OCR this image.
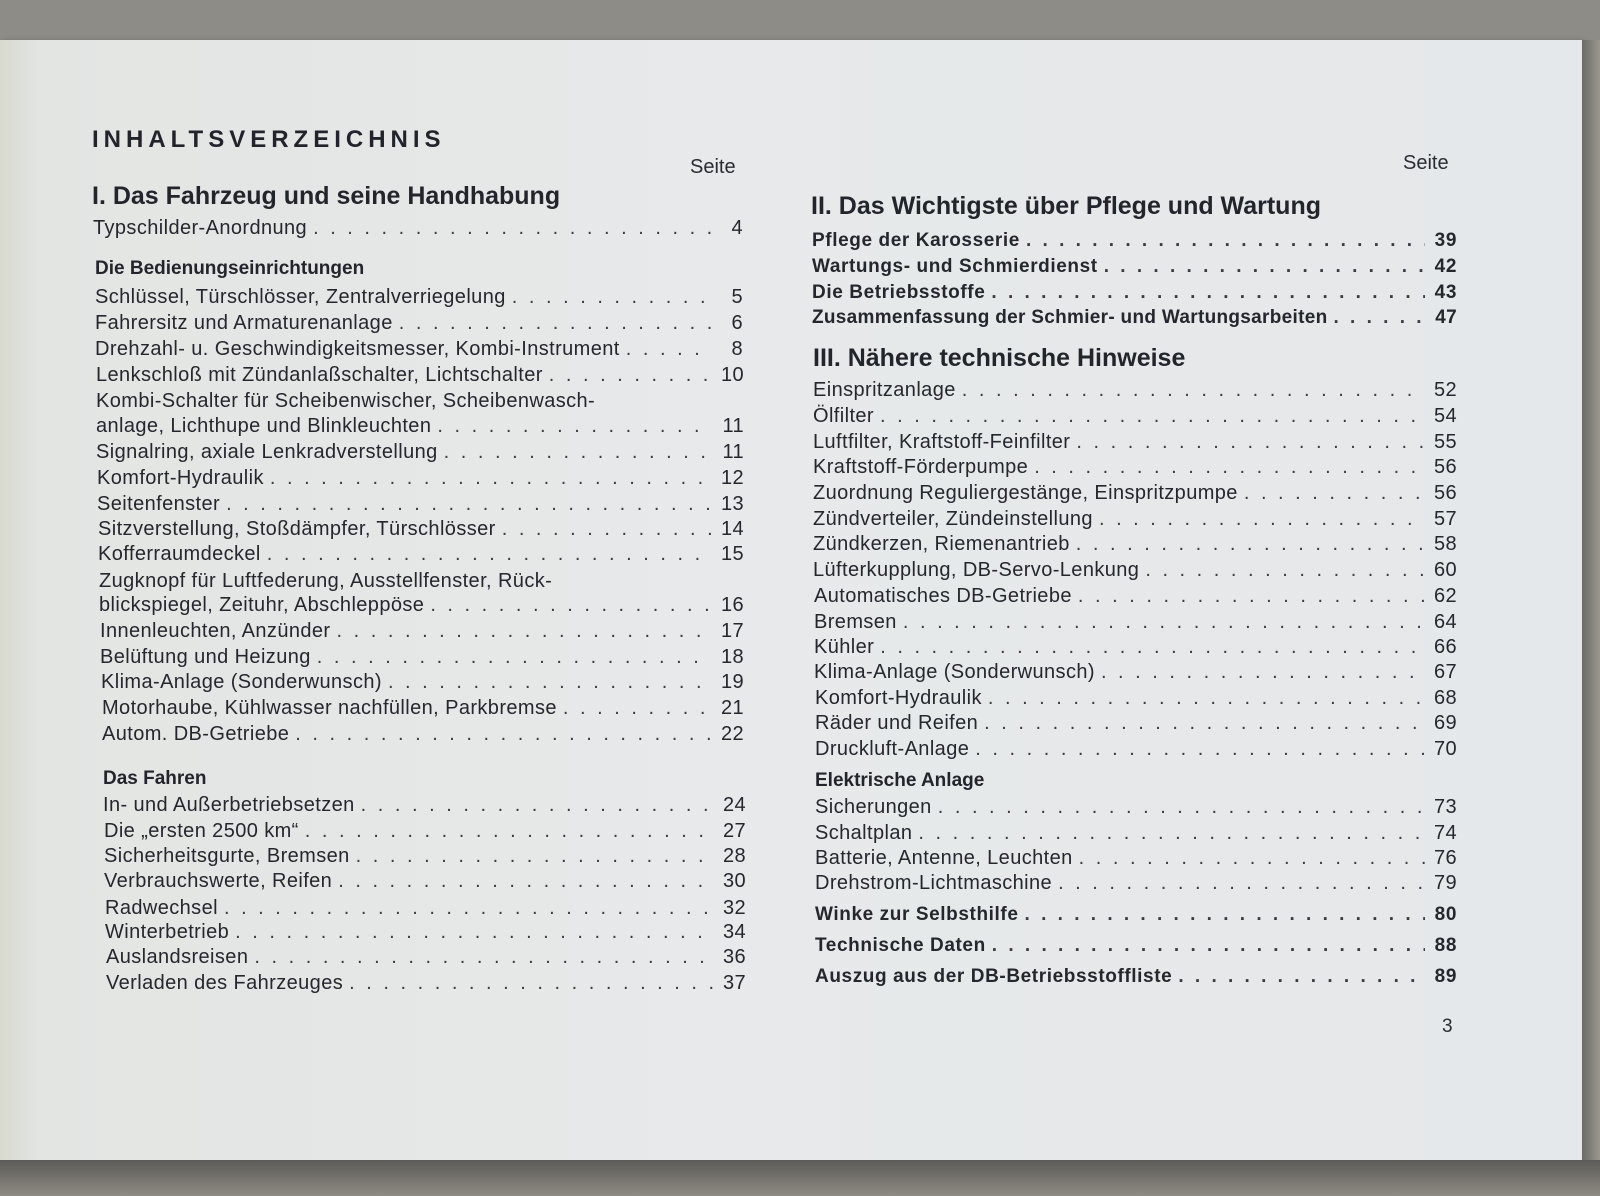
INHALTSVERZEICHNIS
Seite	Seite
I. Das Fahrzeug und seine Handhabung
Typschilder-Anordnung . . .	4
Die Bedienungseinrichtungen
Schlüssel, Türschlösser, Zentralverriegelung . . .	5
Fahrersitz und Armaturenanlage . . .	6
Drehzahl- u. Geschwindigkeitsmesser, Kombi-Instrument . . .	8
Lenkschloß mit Zündanlaßschalter, Lichtschalter . . .	10
Kombi-Schalter für Scheibenwischer, Scheibenwasch-
anlage, Lichthupe und Blinkleuchten . . .	11
Signalring, axiale Lenkradverstellung . . .	11
Komfort-Hydraulik . . .	12
Seitenfenster . . .	13
Sitzverstellung, Stoßdämpfer, Türschlösser . . .	14
Kofferraumdeckel . . .	15
Zugknopf für Luftfederung, Ausstellfenster, Rück-
blickspiegel, Zeituhr, Abschleppöse . . .	16
Innenleuchten, Anzünder . . .	17
Belüftung und Heizung . . .	18
Klima-Anlage (Sonderwunsch) . . .	19
Motorhaube, Kühlwasser nachfüllen, Parkbremse . . .	21
Autom. DB-Getriebe . . .	22
Das Fahren
In- und Außerbetriebsetzen . . .	24
Die „ersten 2500 km“ . . .	27
Sicherheitsgurte, Bremsen . . .	28
Verbrauchswerte, Reifen . . .	30
Radwechsel . . .	32
Winterbetrieb . . .	34
Auslandsreisen . . .	36
Verladen des Fahrzeuges . . .	37
II. Das Wichtigste über Pflege und Wartung
Pflege der Karosserie . . .	39
Wartungs- und Schmierdienst . . .	42
Die Betriebsstoffe . . .	43
Zusammenfassung der Schmier- und Wartungsarbeiten . . .	47
III. Nähere technische Hinweise
Einspritzanlage . . .	52
Ölfilter . . .	54
Luftfilter, Kraftstoff-Feinfilter . . .	55
Kraftstoff-Förderpumpe . . .	56
Zuordnung Reguliergestänge, Einspritzpumpe . . .	56
Zündverteiler, Zündeinstellung . . .	57
Zündkerzen, Riemenantrieb . . .	58
Lüfterkupplung, DB-Servo-Lenkung . . .	60
Automatisches DB-Getriebe . . .	62
Bremsen . . .	64
Kühler . . .	66
Klima-Anlage (Sonderwunsch) . . .	67
Komfort-Hydraulik . . .	68
Räder und Reifen . . .	69
Druckluft-Anlage . . .	70
Elektrische Anlage
Sicherungen . . .	73
Schaltplan . . .	74
Batterie, Antenne, Leuchten . . .	76
Drehstrom-Lichtmaschine . . .	79
Winke zur Selbsthilfe . . .	80
Technische Daten . . .	88
Auszug aus der DB-Betriebsstoffliste . . .	89
3
